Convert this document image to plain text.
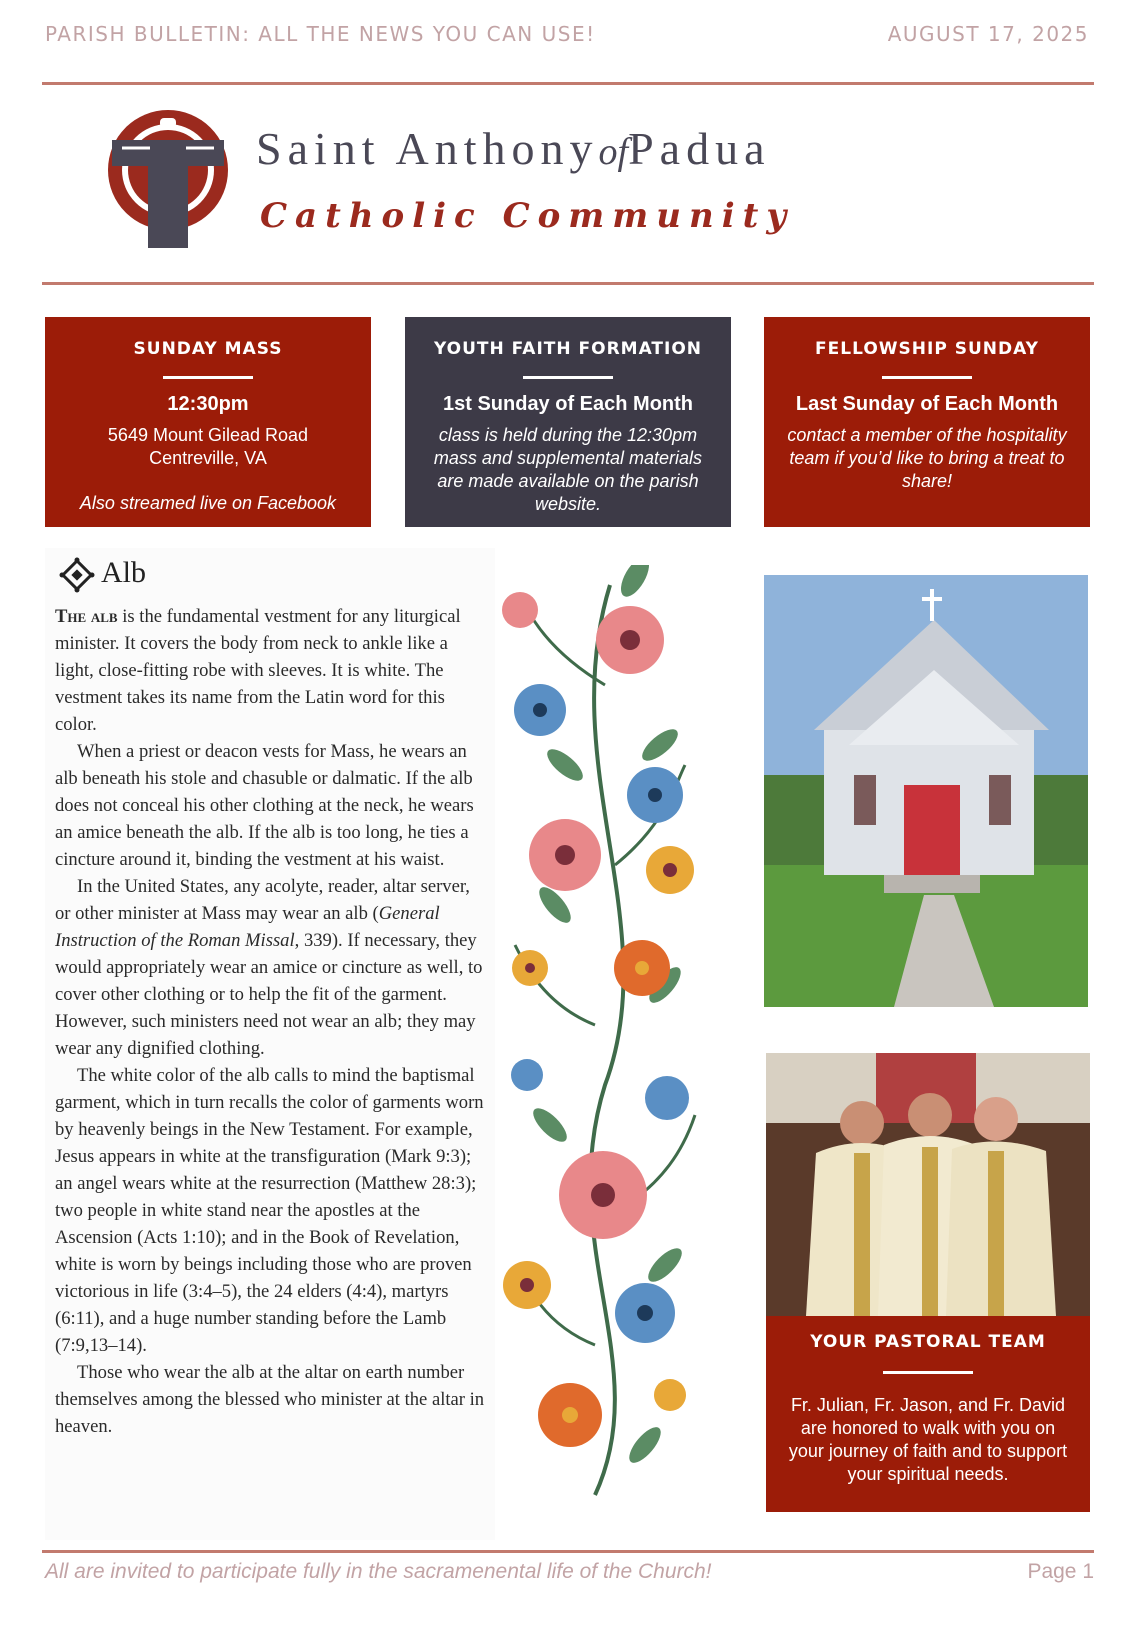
PARISH BULLETIN: ALL THE NEWS YOU CAN USE!	AUGUST 17, 2025
Saint AnthonyofPadua
Catholic Community
SUNDAY MASS
12:30pm
5649 Mount Gilead Road
Centreville, VA
Also streamed live on Facebook
YOUTH FAITH FORMATION
1st Sunday of Each Month
class is held during the 12:30pm mass and supplemental materials are made available on the parish website.
FELLOWSHIP SUNDAY
Last Sunday of Each Month
contact a member of the hospitality team if you’d like to bring a treat to share!
Alb

The alb is the fundamental vestment for any liturgical minister. It covers the body from neck to ankle like a light, close-fitting robe with sleeves. It is white. The vestment takes its name from the Latin word for this color.

When a priest or deacon vests for Mass, he wears an alb beneath his stole and chasuble or dalmatic. If the alb does not conceal his other clothing at the neck, he wears an amice beneath the alb. If the alb is too long, he ties a cincture around it, binding the vestment at his waist.

In the United States, any acolyte, reader, altar server, or other minister at Mass may wear an alb (General Instruction of the Roman Missal, 339). If necessary, they would appropriately wear an amice or cincture as well, to cover other clothing or to help the fit of the garment. However, such ministers need not wear an alb; they may wear any dignified clothing.

The white color of the alb calls to mind the baptismal garment, which in turn recalls the color of garments worn by heavenly beings in the New Testament. For example, Jesus appears in white at the transfiguration (Mark 9:3); an angel wears white at the resurrection (Matthew 28:3); two people in white stand near the apostles at the Ascension (Acts 1:10); and in the Book of Revelation, white is worn by beings including those who are proven victorious in life (3:4–5), the 24 elders (4:4), martyrs (6:11), and a huge number standing before the Lamb (7:9,13–14).

Those who wear the alb at the altar on earth number themselves among the blessed who minister at the altar in heaven.

YOUR PASTORAL TEAM
Fr. Julian, Fr. Jason, and Fr. David are honored to walk with you on your journey of faith and to support your spiritual needs.
All are invited to participate fully in the sacramenental life of the Church!	Page 1
